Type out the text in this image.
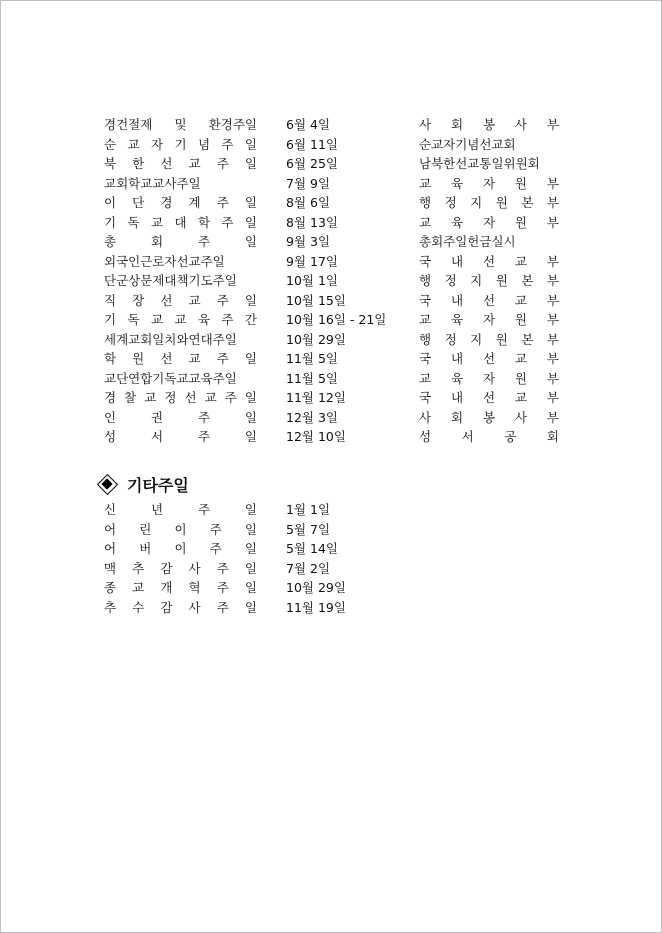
경건절제 및 환경주일 6월 4일	사 회 봉 사 부
순 교 자 기 념 주 일 6월 11일	순교자기념선교회
북 한 선 교 주 일 6월 25일	남북한선교통일위원회
교회학교교사주일	7월 9일	교 육 자 원 부
이 단 경 계 주 일 8월 6일	행 정 지 원 본 부
기 독 교 대 학 주 일 8월 13일	교 육 자 원 부
총 회 주 일 9월 3일	총회주일헌금실시
외국인근로자선교주일	9월 17일	국 내 선 교 부
단군상문제대책기도주일	10월 1일	행 정 지 원 본 부
직 장 선 교 주 일 10월 15일	국 내 선 교 부
기 독 교 교 육 주 간 10월 16일 - 21일	교 육 자 원 부
세계교회일치와연대주일	10월 29일	행 정 지 원 본 부
학 원 선 교 주 일 11월 5일	국 내 선 교 부
교단연합기독교교육주일	11월 5일	교 육 자 원 부
경 찰 교 정 선 교 주 일 11월 12일	국 내 선 교 부
인 권 주 일 12월 3일	사 회 봉 사 부
성 서 주 일 12월 10일	성 서 공 회
기타주일
신 년 주 일 1월 1일
어 린 이 주 일 5월 7일
어 버 이 주 일 5월 14일
맥 추 감 사 주 일 7월 2일
종 교 개 혁 주 일 10월 29일
추 수 감 사 주 일 11월 19일
